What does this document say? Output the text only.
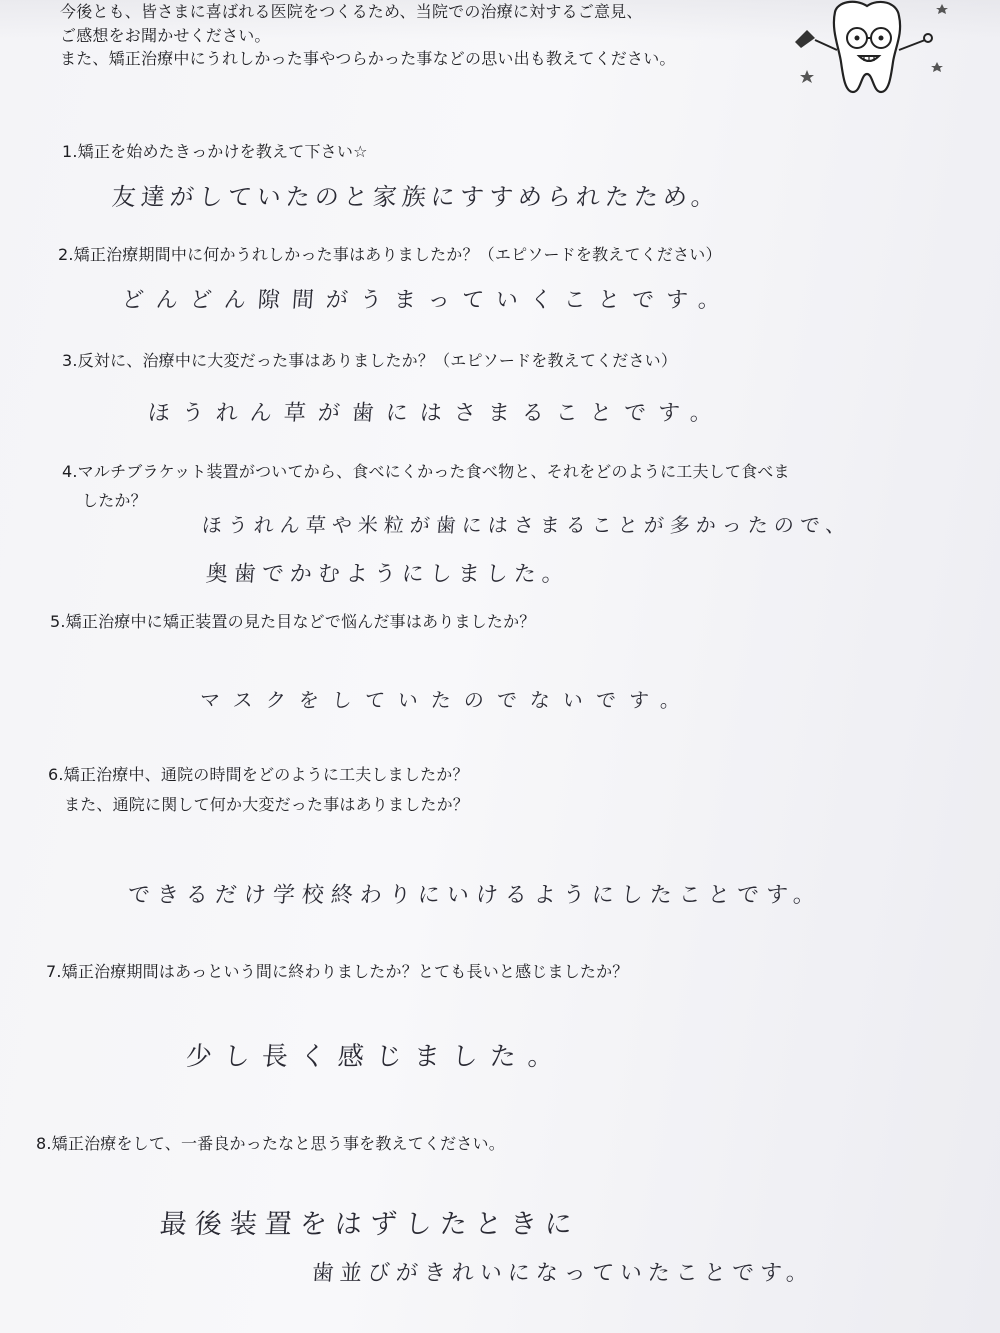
今後とも、皆さまに喜ばれる医院をつくるため、当院での治療に対するご意見、
ご感想をお聞かせください。
また、矯正治療中にうれしかった事やつらかった事などの思い出も教えてください。
1.矯正を始めたきっかけを教えて下さい☆
友達がしていたのと家族にすすめられたため。
2.矯正治療期間中に何かうれしかった事はありましたか？（エピソードを教えてください）
どんどん隙間がうまっていくことです。
3.反対に、治療中に大変だった事はありましたか？（エピソードを教えてください）
ほうれん草が歯にはさまることです。
4.マルチブラケット装置がついてから、食べにくかった食べ物と、それをどのように工夫して食べま
したか？
ほうれん草や米粒が歯にはさまることが多かったので、
奥歯でかむようにしました。
5.矯正治療中に矯正装置の見た目などで悩んだ事はありましたか？
マスクをしていたのでないです。
6.矯正治療中、通院の時間をどのように工夫しましたか？
また、通院に関して何か大変だった事はありましたか？
できるだけ学校終わりにいけるようにしたことです。
7.矯正治療期間はあっという間に終わりましたか？とても長いと感じましたか？
少し長く感じました。
8.矯正治療をして、一番良かったなと思う事を教えてください。
最後装置をはずしたときに
歯並びがきれいになっていたことです。
